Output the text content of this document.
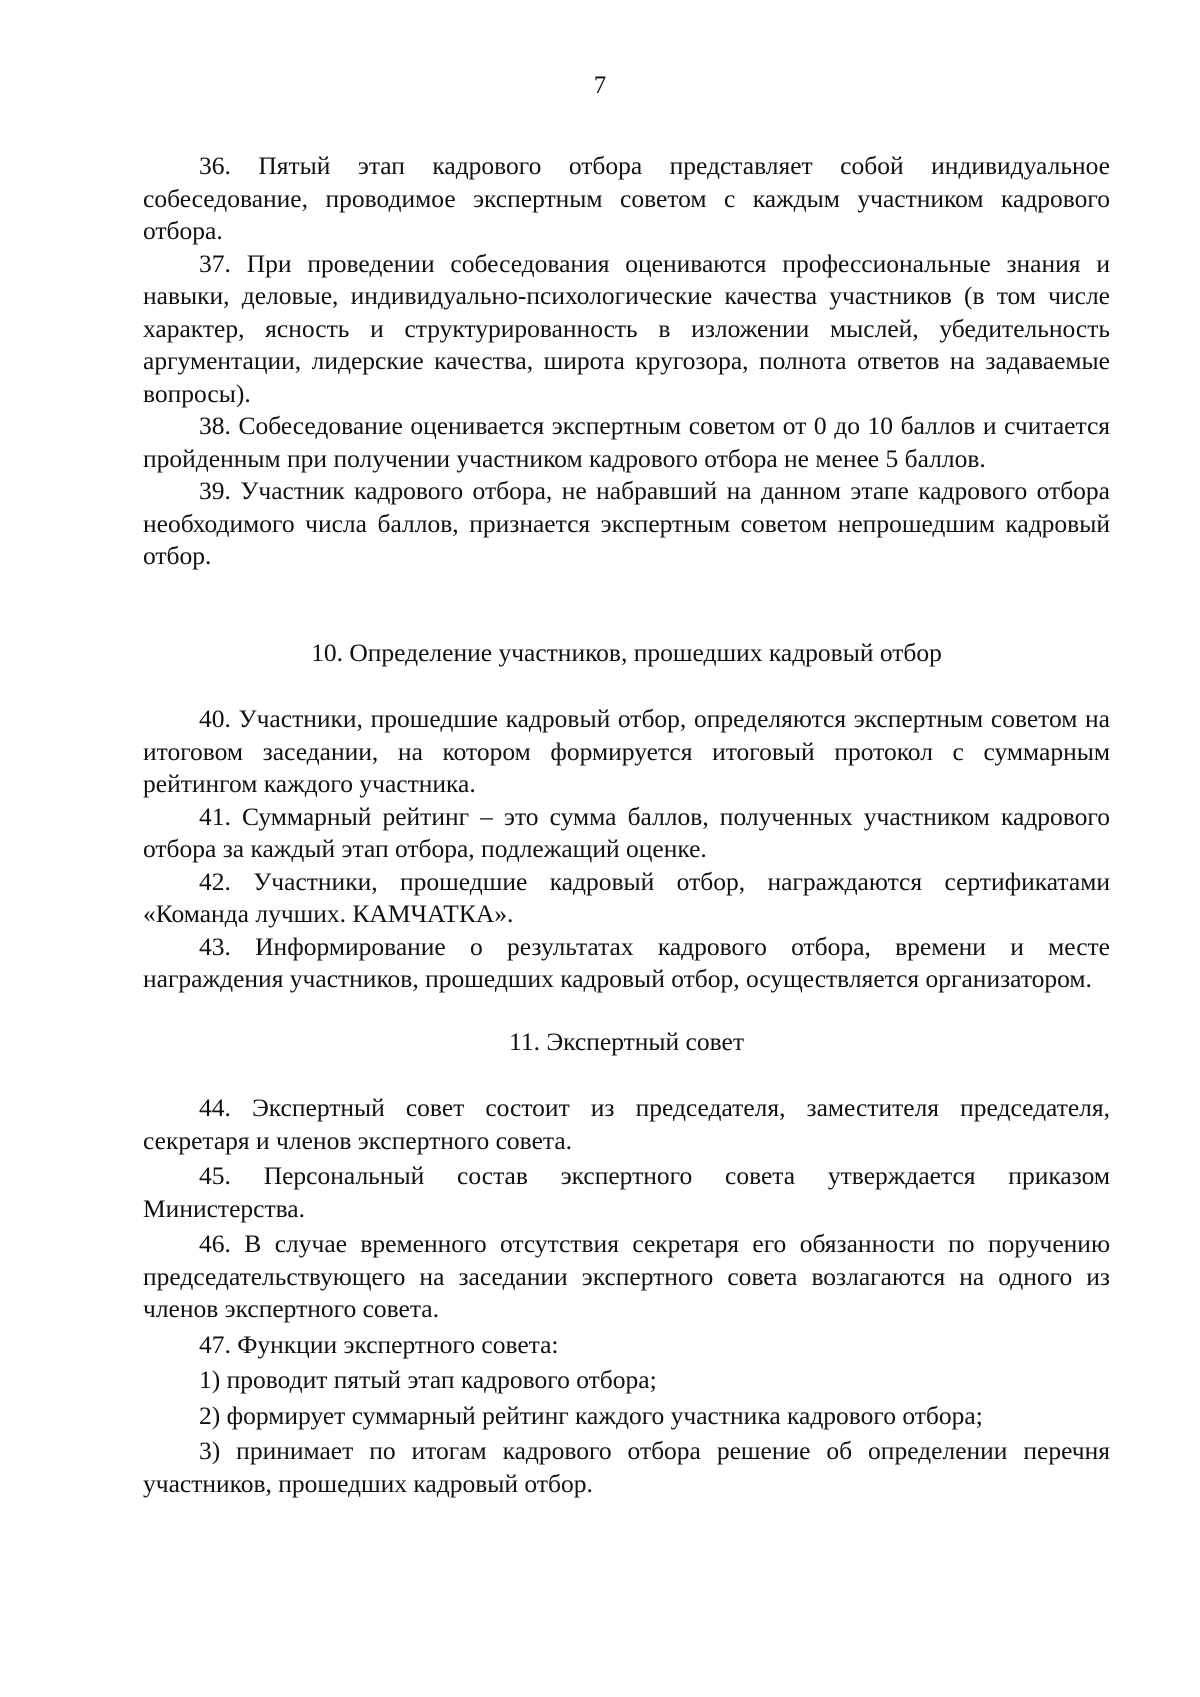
7

36. Пятый этап кадрового отбора представляет собой индивидуальное собеседование, проводимое экспертным советом с каждым участником кадрового отбора.

37. При проведении собеседования оцениваются профессиональные знания и навыки, деловые, индивидуально-психологические качества участников (в том числе характер, ясность и структурированность в изложении мыслей, убедительность аргументации, лидерские качества, широта кругозора, полнота ответов на задаваемые вопросы).

38. Собеседование оценивается экспертным советом от 0 до 10 баллов и считается пройденным при получении участником кадрового отбора не менее 5 баллов.

39. Участник кадрового отбора, не набравший на данном этапе кадрового отбора необходимого числа баллов, признается экспертным советом непрошедшим кадровый отбор.

10. Определение участников, прошедших кадровый отбор

40. Участники, прошедшие кадровый отбор, определяются экспертным советом на итоговом заседании, на котором формируется итоговый протокол с суммарным рейтингом каждого участника.

41. Суммарный рейтинг – это сумма баллов, полученных участником кадрового отбора за каждый этап отбора, подлежащий оценке.

42. Участники, прошедшие кадровый отбор, награждаются сертификатами «Команда лучших. КАМЧАТКА».

43. Информирование о результатах кадрового отбора, времени и месте награждения участников, прошедших кадровый отбор, осуществляется организатором.

11. Экспертный совет

44. Экспертный совет состоит из председателя, заместителя председателя, секретаря и членов экспертного совета.

45. Персональный состав экспертного совета утверждается приказом Министерства.

46. В случае временного отсутствия секретаря его обязанности по поручению председательствующего на заседании экспертного совета возлагаются на одного из членов экспертного совета.

47. Функции экспертного совета:

1) проводит пятый этап кадрового отбора;

2) формирует суммарный рейтинг каждого участника кадрового отбора;

3) принимает по итогам кадрового отбора решение об определении перечня участников, прошедших кадровый отбор.
